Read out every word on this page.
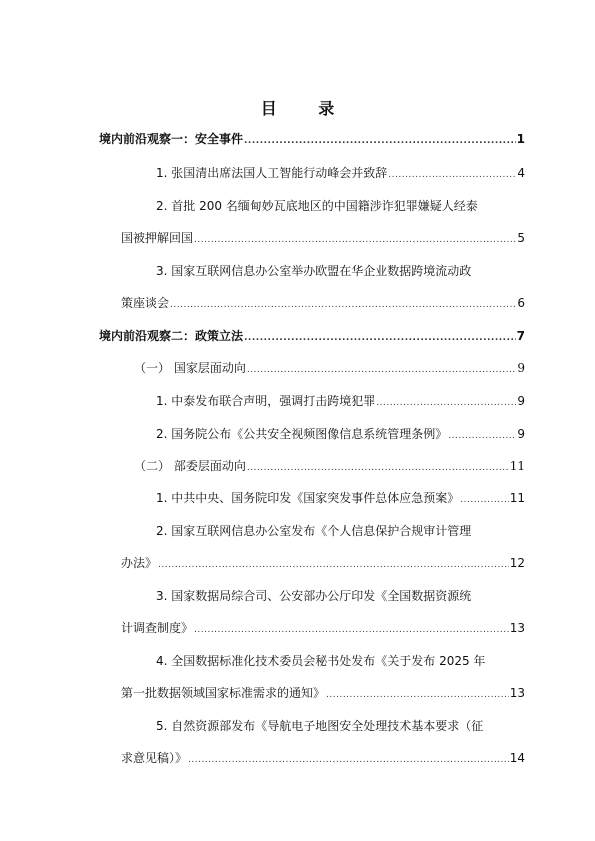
目 录
境内前沿观察一：安全事件 .....	1
1. 张国清出席法国人工智能行动峰会并致辞 .....	4
2. 首批 200 名缅甸妙瓦底地区的中国籍涉诈犯罪嫌疑人经泰
国被押解回国 .....	5
3. 国家互联网信息办公室举办欧盟在华企业数据跨境流动政
策座谈会 .....	6
境内前沿观察二：政策立法 .....	7
（一） 国家层面动向 .....	9
1. 中泰发布联合声明，强调打击跨境犯罪 .....	9
2. 国务院公布《公共安全视频图像信息系统管理条例》 .....	9
（二） 部委层面动向 .....	11
1. 中共中央、国务院印发《国家突发事件总体应急预案》 .....	11
2. 国家互联网信息办公室发布《个人信息保护合规审计管理
办法》 .....	12
3. 国家数据局综合司、公安部办公厅印发《全国数据资源统
计调查制度》 .....	13
4. 全国数据标准化技术委员会秘书处发布《关于发布 2025 年
第一批数据领域国家标准需求的通知》 .....	13
5. 自然资源部发布《导航电子地图安全处理技术基本要求（征
求意见稿）》 .....	14
